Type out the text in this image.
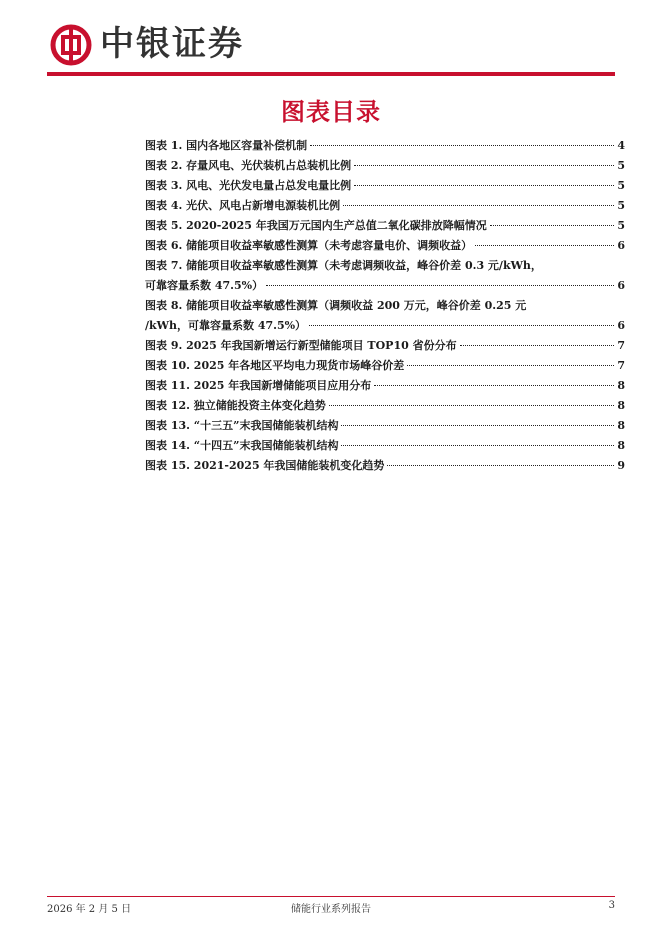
中银证券
图表目录
图表 1. 国内各地区容量补偿机制	4
图表 2. 存量风电、光伏装机占总装机比例	5
图表 3. 风电、光伏发电量占总发电量比例	5
图表 4. 光伏、风电占新增电源装机比例	5
图表 5. 2020-2025 年我国万元国内生产总值二氧化碳排放降幅情况	5
图表 6. 储能项目收益率敏感性测算（未考虑容量电价、调频收益）	6
图表 7. 储能项目收益率敏感性测算（未考虑调频收益，峰谷价差 0.3 元/kWh，
可靠容量系数 47.5%）	6
图表 8. 储能项目收益率敏感性测算（调频收益 200 万元，峰谷价差 0.25 元
/kWh，可靠容量系数 47.5%）	6
图表 9. 2025 年我国新增运行新型储能项目 TOP10 省份分布	7
图表 10. 2025 年各地区平均电力现货市场峰谷价差	7
图表 11. 2025 年我国新增储能项目应用分布	8
图表 12. 独立储能投资主体变化趋势	8
图表 13. “十三五”末我国储能装机结构	8
图表 14. “十四五”末我国储能装机结构	8
图表 15. 2021-2025 年我国储能装机变化趋势	9
2026 年 2 月 5 日	储能行业系列报告	3
